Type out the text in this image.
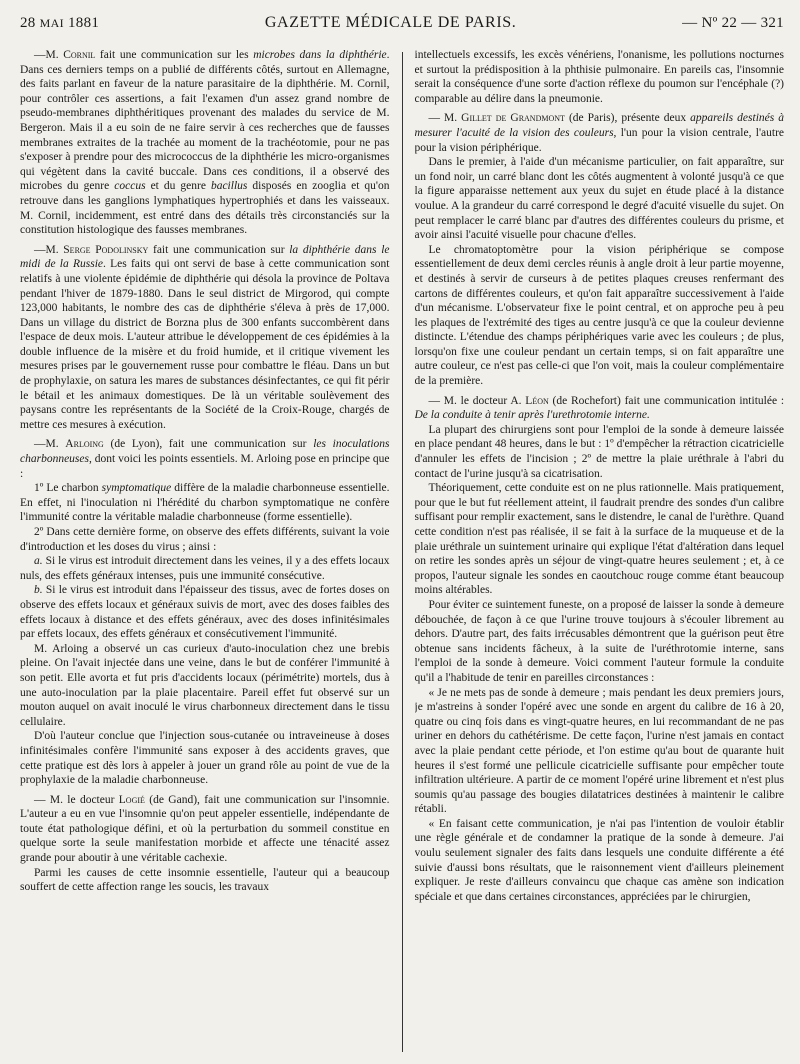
28 MAI 1881	GAZETTE MÉDICALE DE PARIS.	— Nº 22 — 321

—M. Cornil fait une communication sur les microbes dans la diphthérie. Dans ces derniers temps on a publié de différents côtés, surtout en Allemagne, des faits parlant en faveur de la nature parasitaire de la diphthérie. M. Cornil, pour contrôler ces assertions, a fait l'examen d'un assez grand nombre de pseudo-membranes diphthéritiques provenant des malades du service de M. Bergeron. Mais il a eu soin de ne faire servir à ces recherches que de fausses membranes extraites de la trachée au moment de la trachéotomie, pour ne pas s'exposer à prendre pour des micrococcus de la diphthérie les micro-organismes qui végètent dans la cavité buccale. Dans ces conditions, il a observé des microbes du genre coccus et du genre bacillus disposés en zooglia et qu'on retrouve dans les ganglions lymphatiques hypertrophiés et dans les vaisseaux. M. Cornil, incidemment, est entré dans des détails très circonstanciés sur la constitution histologique des fausses membranes.

—M. Serge Podolinsky fait une communication sur la diphthérie dans le midi de la Russie. Les faits qui ont servi de base à cette communication sont relatifs à une violente épidémie de diphthérie qui désola la province de Poltava pendant l'hiver de 1879-1880. Dans le seul district de Mirgorod, qui compte 123,000 habitants, le nombre des cas de diphthérie s'éleva à près de 17,000. Dans un village du district de Borzna plus de 300 enfants succombèrent dans l'espace de deux mois. L'auteur attribue le développement de ces épidémies à la double influence de la misère et du froid humide, et il critique vivement les mesures prises par le gouvernement russe pour combattre le fléau. Dans un but de prophylaxie, on satura les mares de substances désinfectantes, ce qui fit périr le bétail et les animaux domestiques. De là un véritable soulèvement des paysans contre les représentants de la Société de la Croix-Rouge, chargés de mettre ces mesures à exécution.

—M. Arloing (de Lyon), fait une communication sur les inoculations charbonneuses, dont voici les points essentiels. M. Arloing pose en principe que :

1º Le charbon symptomatique diffère de la maladie charbonneuse essentielle. En effet, ni l'inoculation ni l'hérédité du charbon symptomatique ne confère l'immunité contre la véritable maladie charbonneuse (forme essentielle).

2º Dans cette dernière forme, on observe des effets différents, suivant la voie d'introduction et les doses du virus ; ainsi :

a. Si le virus est introduit directement dans les veines, il y a des effets locaux nuls, des effets généraux intenses, puis une immunité consécutive.

b. Si le virus est introduit dans l'épaisseur des tissus, avec de fortes doses on observe des effets locaux et généraux suivis de mort, avec des doses faibles des effets locaux à distance et des effets généraux, avec des doses infinitésimales par effets locaux, des effets généraux et consécutivement l'immunité.

M. Arloing a observé un cas curieux d'auto-inoculation chez une brebis pleine. On l'avait injectée dans une veine, dans le but de conférer l'immunité à son petit. Elle avorta et fut pris d'accidents locaux (périmétrite) mortels, dus à une auto-inoculation par la plaie placentaire. Pareil effet fut observé sur un mouton auquel on avait inoculé le virus charbonneux directement dans le tissu cellulaire.

D'où l'auteur conclue que l'injection sous-cutanée ou intraveineuse à doses infinitésimales confère l'immunité sans exposer à des accidents graves, que cette pratique est dès lors à appeler à jouer un grand rôle au point de vue de la prophylaxie de la maladie charbonneuse.

— M. le docteur Logié (de Gand), fait une communication sur l'insomnie. L'auteur a eu en vue l'insomnie qu'on peut appeler essentielle, indépendante de toute état pathologique défini, et où la perturbation du sommeil constitue en quelque sorte la seule manifestation morbide et affecte une ténacité assez grande pour aboutir à une véritable cachexie.

Parmi les causes de cette insomnie essentielle, l'auteur qui a beaucoup souffert de cette affection range les soucis, les travaux

intellectuels excessifs, les excès vénériens, l'onanisme, les pollutions nocturnes et surtout la prédisposition à la phthisie pulmonaire. En pareils cas, l'insomnie serait la conséquence d'une sorte d'action réflexe du poumon sur l'encéphale (?) comparable au délire dans la pneumonie.

— M. Gillet de Grandmont (de Paris), présente deux appareils destinés à mesurer l'acuité de la vision des couleurs, l'un pour la vision centrale, l'autre pour la vision périphérique.

Dans le premier, à l'aide d'un mécanisme particulier, on fait apparaître, sur un fond noir, un carré blanc dont les côtés augmentent à volonté jusqu'à ce que la figure apparaisse nettement aux yeux du sujet en étude placé à la distance voulue. A la grandeur du carré correspond le degré d'acuité visuelle du sujet. On peut remplacer le carré blanc par d'autres des différentes couleurs du prisme, et avoir ainsi l'acuité visuelle pour chacune d'elles.

Le chromatoptomètre pour la vision périphérique se compose essentiellement de deux demi cercles réunis à angle droit à leur partie moyenne, et destinés à servir de curseurs à de petites plaques creuses renfermant des cartons de différentes couleurs, et qu'on fait apparaître successivement à l'aide d'un mécanisme. L'observateur fixe le point central, et on approche peu à peu les plaques de l'extrémité des tiges au centre jusqu'à ce que la couleur devienne distincte. L'étendue des champs périphériques varie avec les couleurs ; de plus, lorsqu'on fixe une couleur pendant un certain temps, si on fait apparaître une autre couleur, ce n'est pas celle-ci que l'on voit, mais la couleur complémentaire de la première.

— M. le docteur A. Léon (de Rochefort) fait une communication intitulée : De la conduite à tenir après l'urethrotomie interne.

La plupart des chirurgiens sont pour l'emploi de la sonde à demeure laissée en place pendant 48 heures, dans le but : 1º d'empêcher la rétraction cicatricielle d'annuler les effets de l'incision ; 2º de mettre la plaie uréthrale à l'abri du contact de l'urine jusqu'à sa cicatrisation.

Théoriquement, cette conduite est on ne plus rationnelle. Mais pratiquement, pour que le but fut réellement atteint, il faudrait prendre des sondes d'un calibre suffisant pour remplir exactement, sans le distendre, le canal de l'urèthre. Quand cette condition n'est pas réalisée, il se fait à la surface de la muqueuse et de la plaie uréthrale un suintement urinaire qui explique l'état d'altération dans lequel on retire les sondes après un séjour de vingt-quatre heures seulement ; et, à ce propos, l'auteur signale les sondes en caoutchouc rouge comme étant beaucoup moins altérables.

Pour éviter ce suintement funeste, on a proposé de laisser la sonde à demeure débouchée, de façon à ce que l'urine trouve toujours à s'écouler librement au dehors. D'autre part, des faits irrécusables démontrent que la guérison peut être obtenue sans incidents fâcheux, à la suite de l'uréthrotomie interne, sans l'emploi de la sonde à demeure. Voici comment l'auteur formule la conduite qu'il a l'habitude de tenir en pareilles circonstances :

« Je ne mets pas de sonde à demeure ; mais pendant les deux premiers jours, je m'astreins à sonder l'opéré avec une sonde en argent du calibre de 16 à 20, quatre ou cinq fois dans es vingt-quatre heures, en lui recommandant de ne pas uriner en dehors du cathétérisme. De cette façon, l'urine n'est jamais en contact avec la plaie pendant cette période, et l'on estime qu'au bout de quarante huit heures il s'est formé une pellicule cicatricielle suffisante pour empêcher toute infiltration ultérieure. A partir de ce moment l'opéré urine librement et n'est plus soumis qu'au passage des bougies dilatatrices destinées à maintenir le calibre rétabli.

« En faisant cette communication, je n'ai pas l'intention de vouloir établir une règle générale et de condamner la pratique de la sonde à demeure. J'ai voulu seulement signaler des faits dans lesquels une conduite différente a été suivie d'aussi bons résultats, que le raisonnement vient d'ailleurs pleinement expliquer. Je reste d'ailleurs convaincu que chaque cas amène son indication spéciale et que dans certaines circonstances, appréciées par le chirurgien,
